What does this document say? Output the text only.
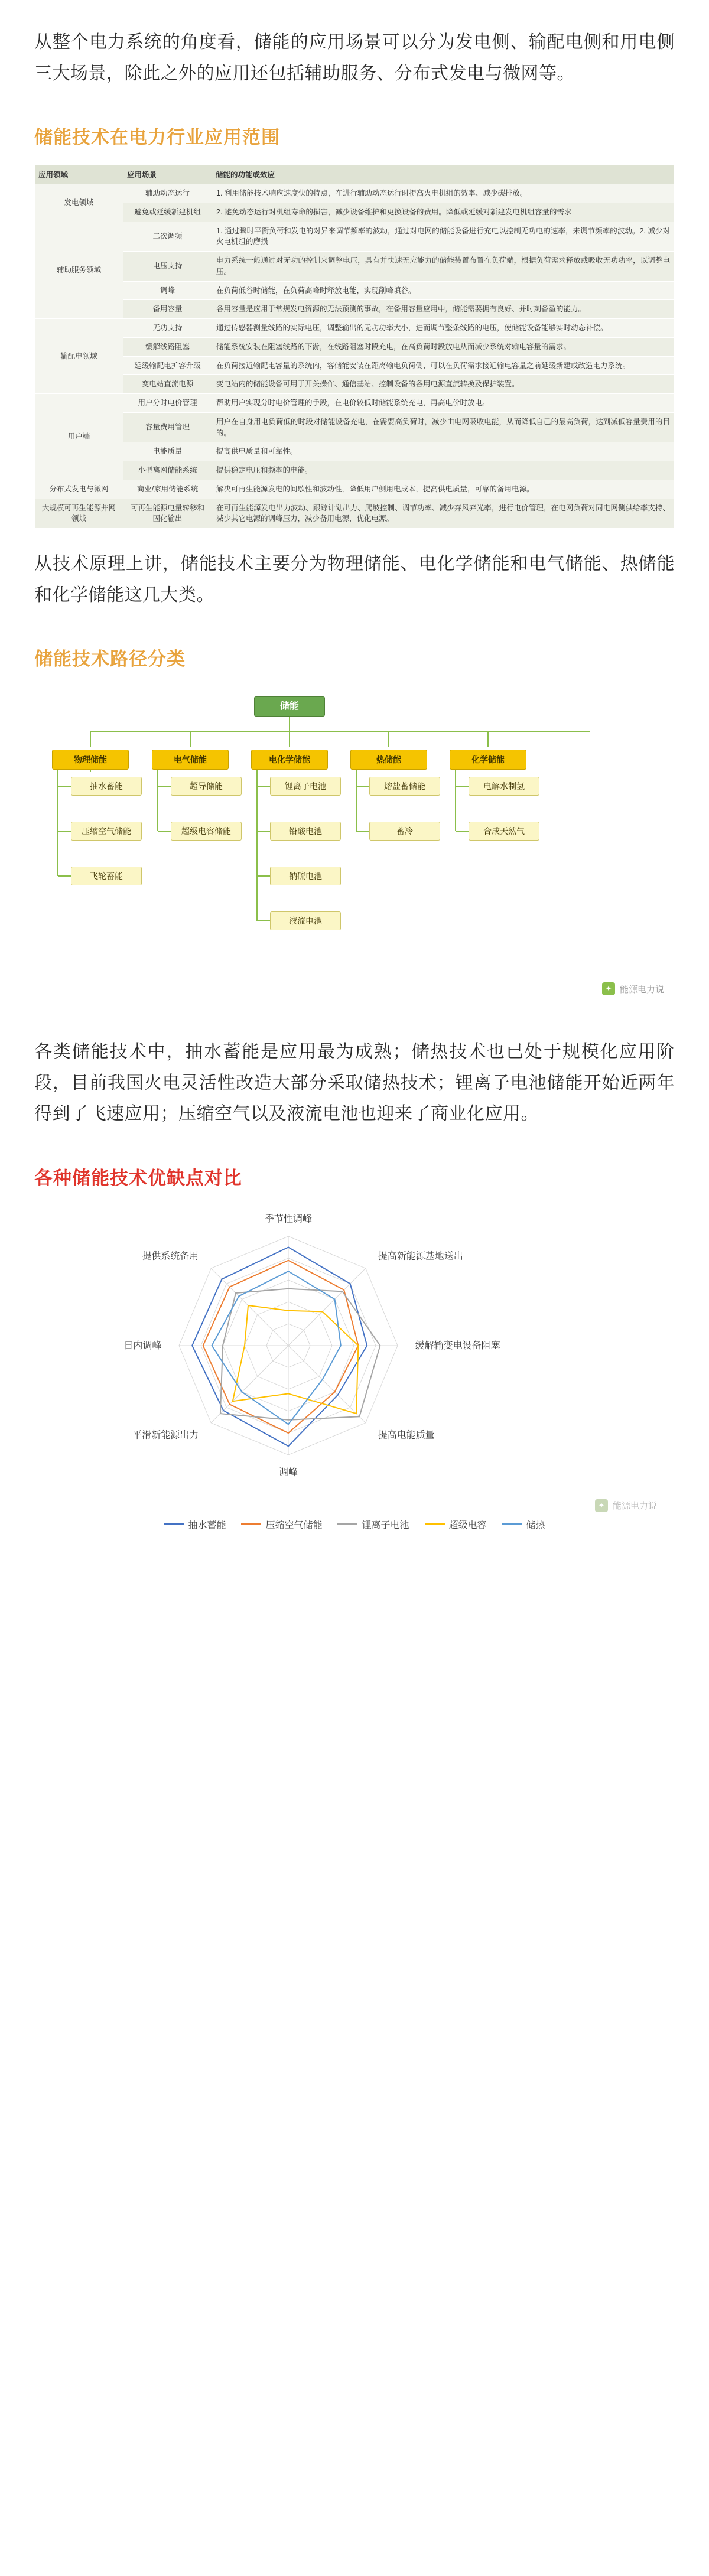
从整个电力系统的角度看，储能的应用场景可以分为发电侧、输配电侧和用电侧三大场景，除此之外的应用还包括辅助服务、分布式发电与微网等。

储能技术在电力行业应用范围
应用领域	应用场景	储能的功能或效应
发电领域	辅助动态运行	1. 利用储能技术响应速度快的特点，在进行辅助动态运行时提高火电机组的效率、减少碳排放。
	避免或延缓新建机组	2. 避免动态运行对机组寿命的损害，减少设备维护和更换设备的费用。降低或延缓对新建发电机组容量的需求
辅助服务领域	二次调频	1. 通过瞬时平衡负荷和发电的对异来调节频率的波动，通过对电网的储能设备进行充电以控制无功电的速率，来调节频率的波动。2. 减少对火电机组的磨损
	电压支持	电力系统一般通过对无功的控制来调整电压，具有并快速无应能力的储能装置布置在负荷端，根据负荷需求释放或吸收无功功率，以调整电压。
	调峰	在负荷低谷时储能，在负荷高峰时释放电能，实现削峰填谷。
	备用容量	各用容量是应用于常规发电资源的无法预测的事故，在备用容量应用中，储能需要拥有良好、并时刻备盈的能力。
输配电领域	无功支持	通过传感器测量线路的实际电压，调整输出的无功功率大小，进而调节整条线路的电压，使储能设备能够实时动态补偿。
	缓解线路阻塞	储能系统安装在阻塞线路的下游，在线路阻塞时段充电，在高负荷时段放电从而减少系统对输电容量的需求。
	延缓输配电扩容升级	在负荷接近输配电容量的系统内，容储能安装在距离输电负荷侧，可以在负荷需求接近输电容量之前延缓新建或改造电力系统。
	变电站直流电源	变电站内的储能设备可用于开关操作、通信基站、控制设备的各用电源直流转换及保护装置。
用户端	用户分时电价管理	帮助用户实现分时电价管理的手段，在电价较低时储能系统充电，再高电价时放电。
	容量费用管理	用户在自身用电负荷低的时段对储能设备充电，在需要高负荷时，减少由电网吸收电能，从而降低自己的最高负荷，达到减低容量费用的目的。
	电能质量	提高供电质量和可靠性。
	小型离网储能系统	提供稳定电压和频率的电能。
分布式发电与微网	商业/家用储能系统	解决可再生能源发电的间歇性和波动性，降低用户侧用电成本，提高供电质量，可靠的备用电源。
大规模可再生能源并网领域	可再生能源电量转移和固化输出	在可再生能源发电出力波动、跟踪计划出力、爬坡控制、调节功率、减少弃风弃光率，进行电价管理，在电网负荷对同电网侧供给率支持、减少其它电源的调峰压力，减少备用电源，优化电源。

从技术原理上讲，储能技术主要分为物理储能、电化学储能和电气储能、热储能和化学储能这几大类。

储能技术路径分类
储能
物理储能	电气储能	电化学储能	热储能	化学储能
抽水蓄能
压缩空气储能
飞轮蓄能
超导储能
超级电容储能
锂离子电池
铅酸电池
钠硫电池
液流电池
熔盐蓄储能
蓄冷
电解水制氢
合成天然气
✦ 能源电力说

各类储能技术中，抽水蓄能是应用最为成熟；储热技术也已处于规模化应用阶段，目前我国火电灵活性改造大部分采取储热技术；锂离子电池储能开始近两年得到了飞速应用；压缩空气以及液流电池也迎来了商业化应用。

各种储能技术优缺点对比
季节性调峰
提高新能源基地送出
缓解输变电设备阻塞
提高电能质量
调峰
平滑新能源出力
日内调峰
提供系统备用
抽水蓄能	压缩空气储能	锂离子电池	超级电容	储热
✦ 能源电力说
